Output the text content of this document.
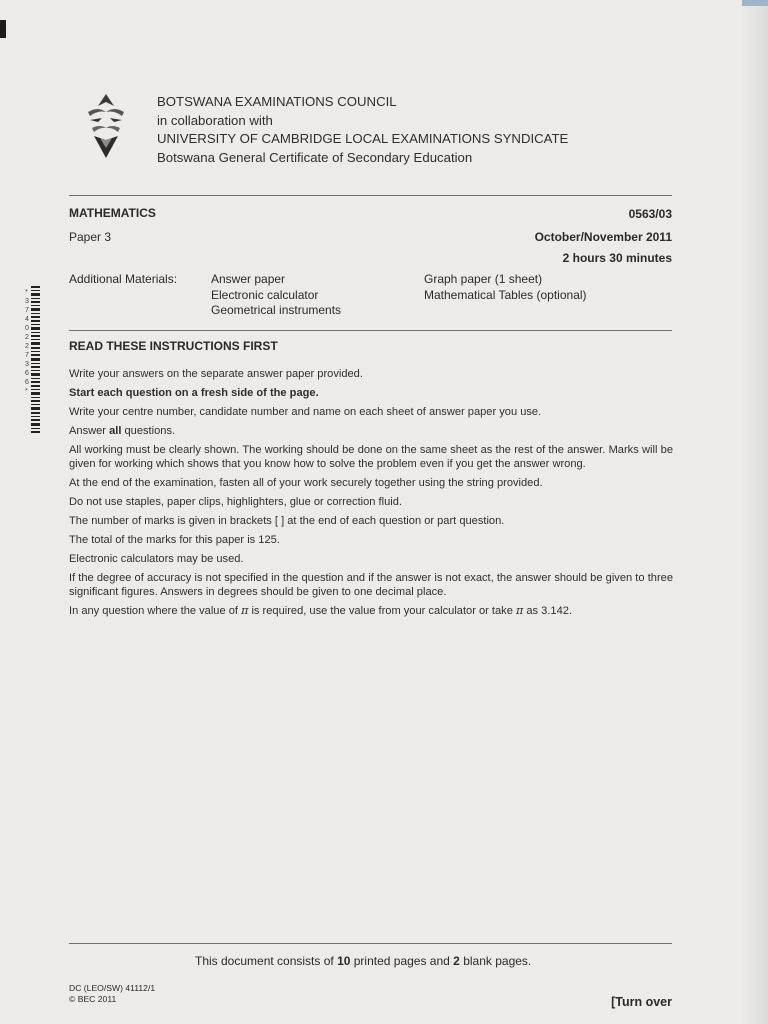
BOTSWANA EXAMINATIONS COUNCIL
in collaboration with
UNIVERSITY OF CAMBRIDGE LOCAL EXAMINATIONS SYNDICATE
Botswana General Certificate of Secondary Education
MATHEMATICS
Paper 3
0563/03
October/November 2011
2 hours 30 minutes
Additional Materials:	Answer paper
Electronic calculator
Geometrical instruments
Graph paper (1 sheet)
Mathematical Tables (optional)
*3740227366*
READ THESE INSTRUCTIONS FIRST

Write your answers on the separate answer paper provided.

Start each question on a fresh side of the page.

Write your centre number, candidate number and name on each sheet of answer paper you use.

Answer all questions.

All working must be clearly shown. The working should be done on the same sheet as the rest of the answer. Marks will be given for working which shows that you know how to solve the problem even if you get the answer wrong.

At the end of the examination, fasten all of your work securely together using the string provided.

Do not use staples, paper clips, highlighters, glue or correction fluid.

The number of marks is given in brackets [ ] at the end of each question or part question.

The total of the marks for this paper is 125.

Electronic calculators may be used.

If the degree of accuracy is not specified in the question and if the answer is not exact, the answer should be given to three significant figures. Answers in degrees should be given to one decimal place.

In any question where the value of π is required, use the value from your calculator or take π as 3.142.

This document consists of 10 printed pages and 2 blank pages.
DC (LEO/SW) 41112/1
© BEC 2011	[Turn over
